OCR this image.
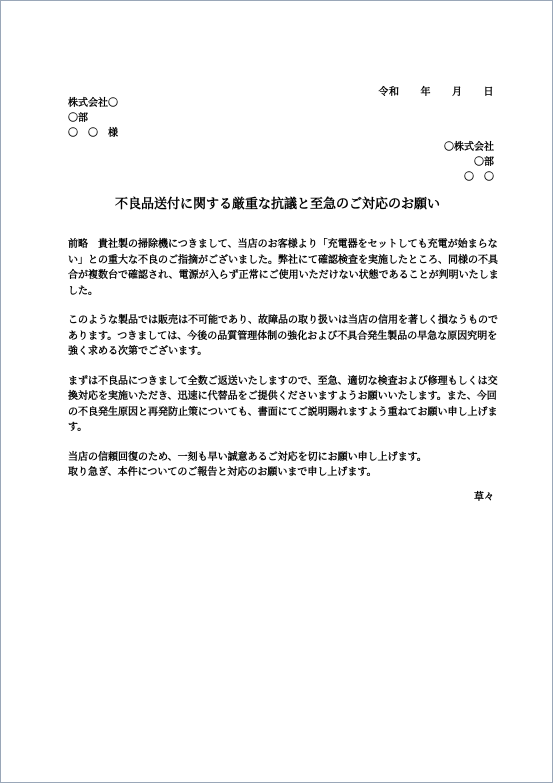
令和　　年　　月　　日
株式会社〇
〇部
〇　〇　様
〇株式会社
〇部
〇　〇
不良品送付に関する厳重な抗議と至急のご対応のお願い

前略　貴社製の掃除機につきまして、当店のお客様より「充電器をセットしても充電が始まらない」との重大な不良のご指摘がございました。弊社にて確認検査を実施したところ、同様の不具合が複数台で確認され、電源が入らず正常にご使用いただけない状態であることが判明いたしました。

このような製品では販売は不可能であり、故障品の取り扱いは当店の信用を著しく損なうものであります。つきましては、今後の品質管理体制の強化および不具合発生製品の早急な原因究明を強く求める次第でございます。

まずは不良品につきまして全数ご返送いたしますので、至急、適切な検査および修理もしくは交換対応を実施いただき、迅速に代替品をご提供くださいますようお願いいたします。また、今回の不良発生原因と再発防止策についても、書面にてご説明賜れますよう重ねてお願い申し上げます。

当店の信頼回復のため、一刻も早い誠意あるご対応を切にお願い申し上げます。

取り急ぎ、本件についてのご報告と対応のお願いまで申し上げます。

草々
